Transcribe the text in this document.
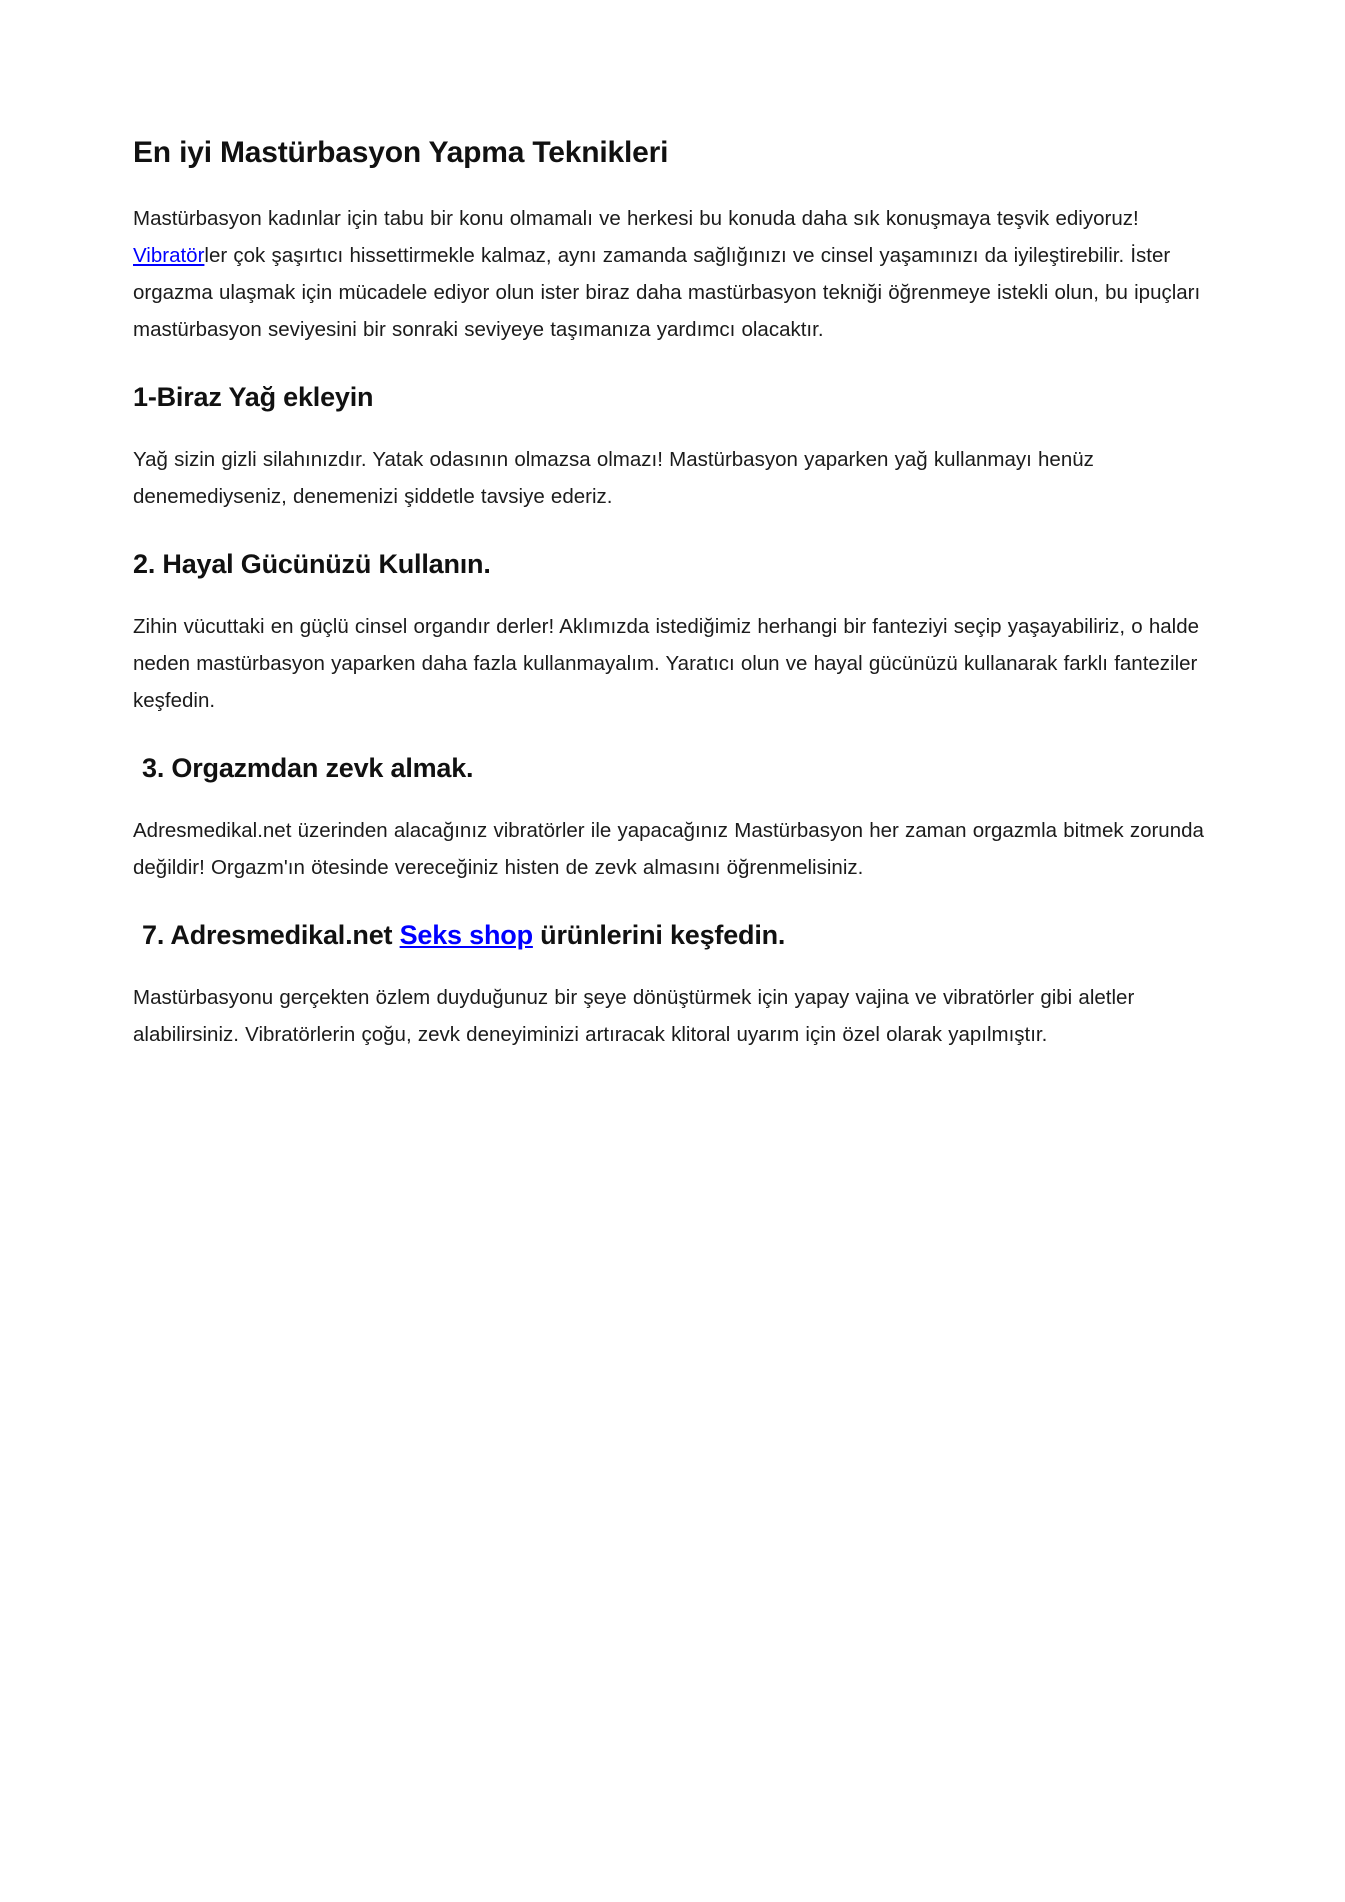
En iyi Mastürbasyon Yapma Teknikleri

Mastürbasyon kadınlar için tabu bir konu olmamalı ve herkesi bu konuda daha sık konuşmaya teşvik ediyoruz! Vibratörler çok şaşırtıcı hissettirmekle kalmaz, aynı zamanda sağlığınızı ve cinsel yaşamınızı da iyileştirebilir. İster orgazma ulaşmak için mücadele ediyor olun ister biraz daha mastürbasyon tekniği öğrenmeye istekli olun, bu ipuçları mastürbasyon seviyesini bir sonraki seviyeye taşımanıza yardımcı olacaktır.

1-Biraz Yağ ekleyin

Yağ sizin gizli silahınızdır. Yatak odasının olmazsa olmazı! Mastürbasyon yaparken yağ kullanmayı henüz denemediyseniz, denemenizi şiddetle tavsiye ederiz.

2. Hayal Gücünüzü Kullanın.

Zihin vücuttaki en güçlü cinsel organdır derler! Aklımızda istediğimiz herhangi bir fanteziyi seçip yaşayabiliriz, o halde neden mastürbasyon yaparken daha fazla kullanmayalım. Yaratıcı olun ve hayal gücünüzü kullanarak farklı fanteziler keşfedin.

3. Orgazmdan zevk almak.

Adresmedikal.net üzerinden alacağınız vibratörler ile yapacağınız Mastürbasyon her zaman orgazmla bitmek zorunda değildir! Orgazm'ın ötesinde vereceğiniz histen de zevk almasını öğrenmelisiniz.

7. Adresmedikal.net Seks shop ürünlerini keşfedin.

Mastürbasyonu gerçekten özlem duyduğunuz bir şeye dönüştürmek için yapay vajina ve vibratörler gibi aletler alabilirsiniz. Vibratörlerin çoğu, zevk deneyiminizi artıracak klitoral uyarım için özel olarak yapılmıştır.
